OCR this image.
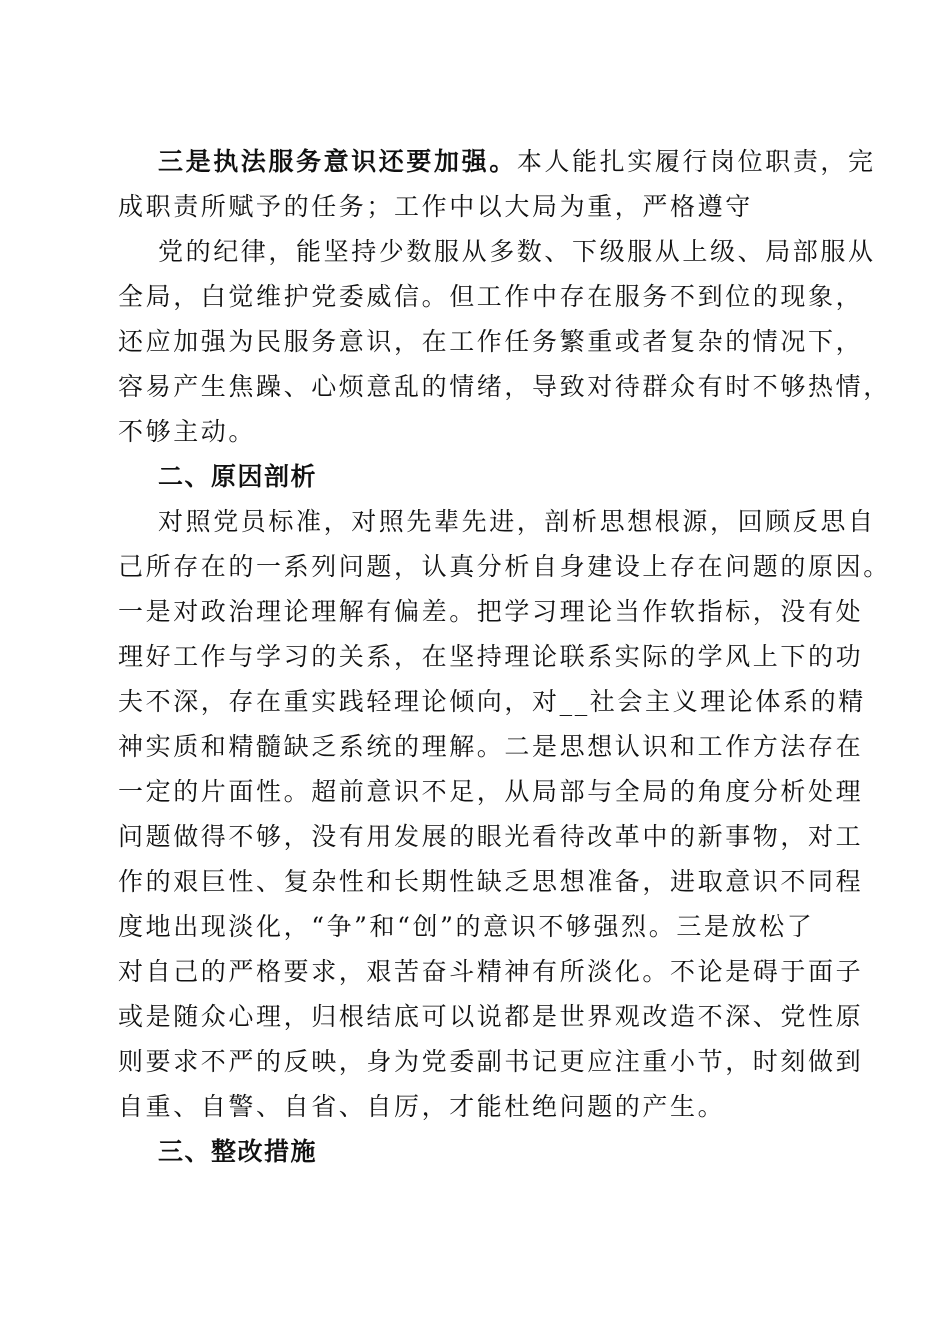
三是执法服务意识还要加强。本人能扎实履行岗位职责，完
成职责所赋予的任务；工作中以大局为重，严格遵守
党的纪律，能坚持少数服从多数、下级服从上级、局部服从
全局，白觉维护党委威信。但工作中存在服务不到位的现象，
还应加强为民服务意识，在工作任务繁重或者复杂的情况下，
容易产生焦躁、心烦意乱的情绪，导致对待群众有时不够热情，
不够主动。
二、原因剖析
对照党员标准，对照先辈先进，剖析思想根源，回顾反思自
己所存在的一系列问题，认真分析自身建设上存在问题的原因。
一是对政治理论理解有偏差。把学习理论当作软指标，没有处
理好工作与学习的关系，在坚持理论联系实际的学风上下的功
夫不深，存在重实践轻理论倾向，对__社会主义理论体系的精
神实质和精髓缺乏系统的理解。二是思想认识和工作方法存在
一定的片面性。超前意识不足，从局部与全局的角度分析处理
问题做得不够，没有用发展的眼光看待改革中的新事物，对工
作的艰巨性、复杂性和长期性缺乏思想准备，进取意识不同程
度地出现淡化，“争”和“创”的意识不够强烈。三是放松了
对自己的严格要求，艰苦奋斗精神有所淡化。不论是碍于面子
或是随众心理，归根结底可以说都是世界观改造不深、党性原
则要求不严的反映，身为党委副书记更应注重小节，时刻做到
自重、自警、自省、自厉，才能杜绝问题的产生。
三、整改措施
